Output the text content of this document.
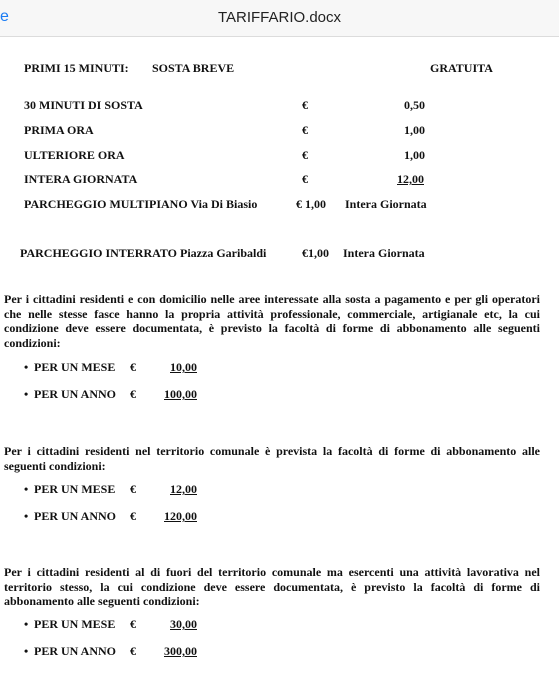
e	TARIFFARIO.docx
PRIMI 15 MINUTI: SOSTA BREVE	GRATUITA
30 MINUTI DI SOSTA	€	0,50
PRIMA ORA	€	1,00
ULTERIORE ORA	€	1,00
INTERA GIORNATA	€	12,00
PARCHEGGIO MULTIPIANO Via Di Biasio	€ 1,00 Intera Giornata
PARCHEGGIO INTERRATO Piazza Garibaldi	€1,00 Intera Giornata
Per i cittadini residenti e con domicilio nelle aree interessate alla sosta a pagamento e per gli operatori che nelle stesse fasce hanno la propria attività professionale, commerciale, artigianale etc, la cui condizione deve essere documentata, è previsto la facoltà di forme di abbonamento alle seguenti condizioni:
• PER UN MESE €	10,00
• PER UN ANNO € 100,00
Per i cittadini residenti nel territorio comunale è prevista la facoltà di forme di abbonamento alle seguenti condizioni:
• PER UN MESE €	12,00
• PER UN ANNO € 120,00
Per i cittadini residenti al di fuori del territorio comunale ma esercenti una attività lavorativa nel territorio stesso, la cui condizione deve essere documentata, è previsto la facoltà di forme di abbonamento alle seguenti condizioni:
• PER UN MESE €	30,00
• PER UN ANNO € 300,00
